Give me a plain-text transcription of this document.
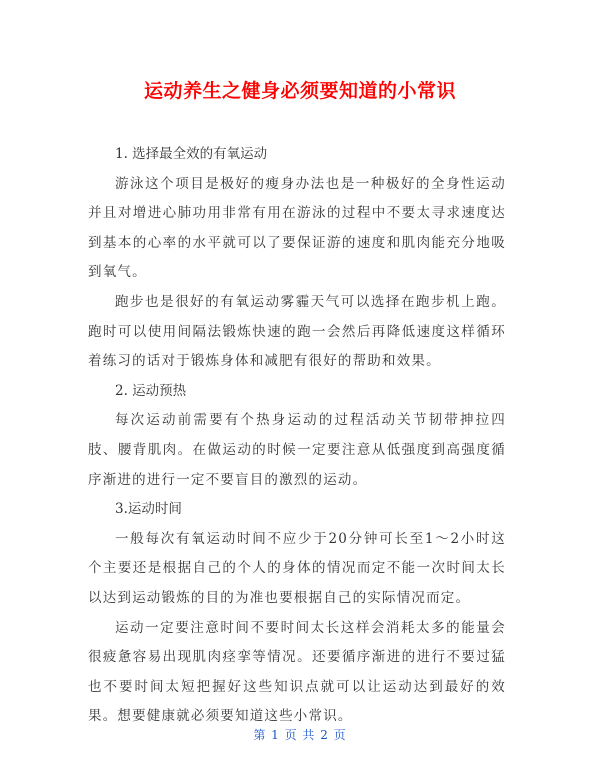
运动养生之健身必须要知道的小常识

1. 选择最全效的有氧运动

游泳这个项目是极好的瘦身办法也是一种极好的全身性运动并且对增进心肺功用非常有用在游泳的过程中不要太寻求速度达到基本的心率的水平就可以了要保证游的速度和肌肉能充分地吸到氧气。

跑步也是很好的有氧运动雾霾天气可以选择在跑步机上跑。跑时可以使用间隔法锻炼快速的跑一会然后再降低速度这样循环着练习的话对于锻炼身体和减肥有很好的帮助和效果。

2. 运动预热

每次运动前需要有个热身运动的过程活动关节韧带抻拉四肢、腰背肌肉。在做运动的时候一定要注意从低强度到高强度循序渐进的进行一定不要盲目的激烈的运动。

3.运动时间

一般每次有氧运动时间不应少于20分钟可长至1～2小时这个主要还是根据自己的个人的身体的情况而定不能一次时间太长以达到运动锻炼的目的为准也要根据自己的实际情况而定。

运动一定要注意时间不要时间太长这样会消耗太多的能量会很疲惫容易出现肌肉痉挛等情况。还要循序渐进的进行不要过猛也不要时间太短把握好这些知识点就可以让运动达到最好的效果。想要健康就必须要知道这些小常识。

第 1 页 共 2 页
